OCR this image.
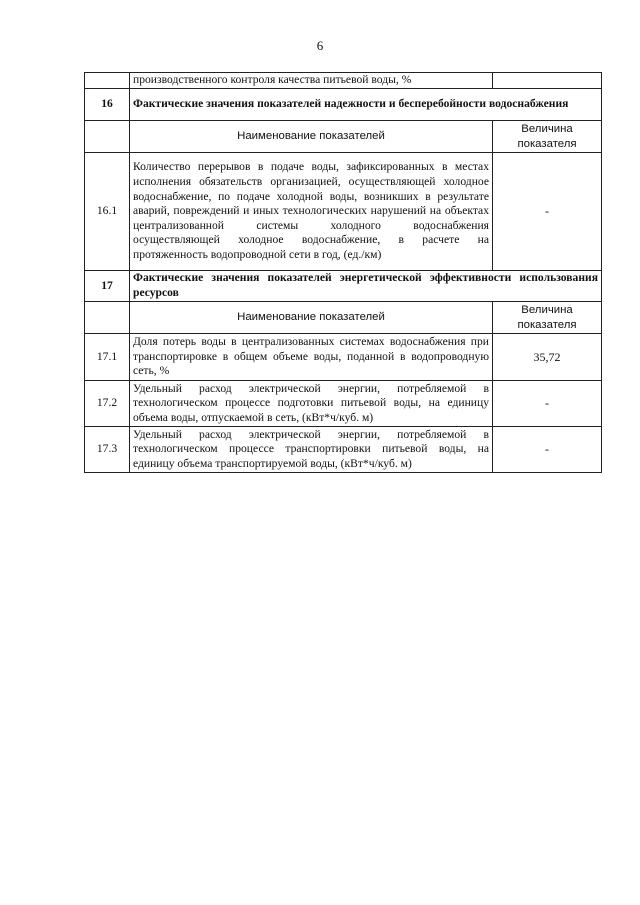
6
	производственного контроля качества питьевой воды, %	
16	Фактические значения показателей надежности и бесперебойности водоснабжения	
	Наименование показателей	Величина показателя
16.1	Количество перерывов в подаче воды, зафиксированных в местах исполнения обязательств организацией, осуществляющей холодное водоснабжение, по подаче холодной воды, возникших в результате аварий, повреждений и иных технологических нарушений на объектах централизованной системы холодного водоснабжения осуществляющей холодное водоснабжение, в расчете на протяженность водопроводной сети в год, (ед./км)	-
17	Фактические значения показателей энергетической эффективности использования ресурсов	
	Наименование показателей	Величина показателя
17.1	Доля потерь воды в централизованных системах водоснабжения при транспортировке в общем объеме воды, поданной в водопроводную сеть, %	35,72
17.2	Удельный расход электрической энергии, потребляемой в технологическом процессе подготовки питьевой воды, на единицу объема воды, отпускаемой в сеть, (кВт*ч/куб. м)	-
17.3	Удельный расход электрической энергии, потребляемой в технологическом процессе транспортировки питьевой воды, на единицу объема транспортируемой воды, (кВт*ч/куб. м)	-
